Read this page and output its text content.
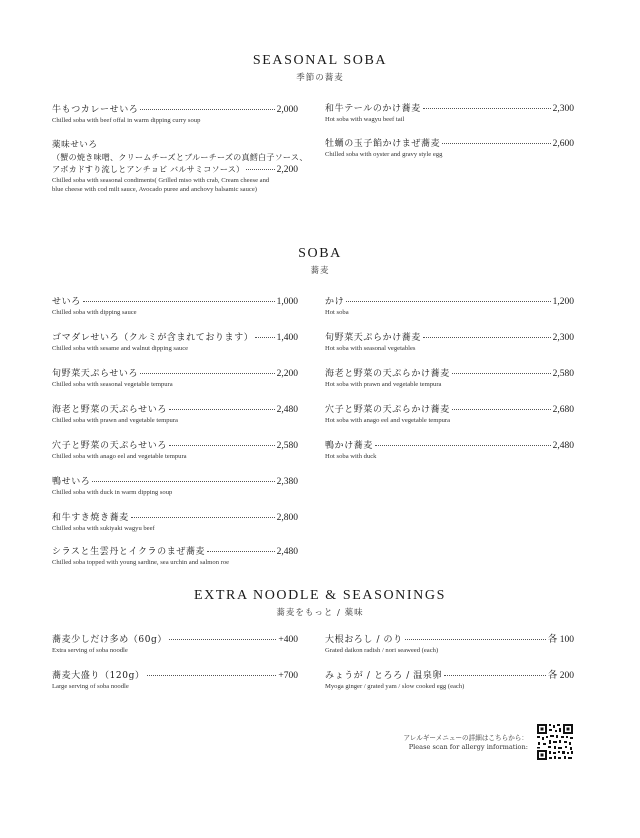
SEASONAL SOBA
季節の蕎麦
牛もつカレーせいろ	2,000
Chilled soba with beef offal in warm dipping curry soup
薬味せいろ
（蟹の焼き味噌、クリームチーズとブルーチーズの真鱈白子ソース、
アボカドすり流しとアンチョビ バルサミコソース）	2,200
Chilled soba with seasonal condiments( Grilled miso with crab, Cream cheese and
blue cheese with cod milt sauce, Avocado puree and anchovy balsamic sauce)
和牛テールのかけ蕎麦	2,300
Hot soba with wagyu beef tail
牡蠣の玉子餡かけまぜ蕎麦	2,600
Chilled soba with oyster and gravy style egg
SOBA
蕎麦
せいろ	1,000
Chilled soba with dipping sauce
ゴマダレせいろ（クルミが含まれております） 1,400
Chilled soba with sesame and walnut dipping sauce
旬野菜天ぷらせいろ	2,200
Chilled soba with seasonal vegetable tempura
海老と野菜の天ぷらせいろ	2,480
Chilled soba with prawn and vegetable tempura
穴子と野菜の天ぷらせいろ	2,580
Chilled soba with anago eel and vegetable tempura
鴨せいろ	2,380
Chilled soba with duck in warm dipping soup
和牛すき焼き蕎麦	2,800
Chilled soba with sukiyaki wagyu beef
シラスと生雲丹とイクラのまぜ蕎麦	2,480
Chilled soba topped with young sardine, sea urchin and salmon roe
かけ	1,200
Hot soba
旬野菜天ぷらかけ蕎麦	2,300
Hot soba with seasonal vegetables
海老と野菜の天ぷらかけ蕎麦	2,580
Hot soba with prawn and vegetable tempura
穴子と野菜の天ぷらかけ蕎麦	2,680
Hot soba with anago eel and vegetable tempura
鴨かけ蕎麦	2,480
Hot soba with duck
EXTRA NOODLE & SEASONINGS
蕎麦をもっと / 薬味
蕎麦少しだけ多め（60g）	+400
Extra serving of soba noodle
蕎麦大盛り（120g）	+700
Large serving of soba noodle
大根おろし / のり	各 100
Grated daikon radish / nori seaweed (each)
みょうが / とろろ / 温泉卵	各 200
Myoga ginger / grated yam / slow cooked egg (each)
アレルギーメニューの詳細はこちらから：
Please scan for allergy information:
